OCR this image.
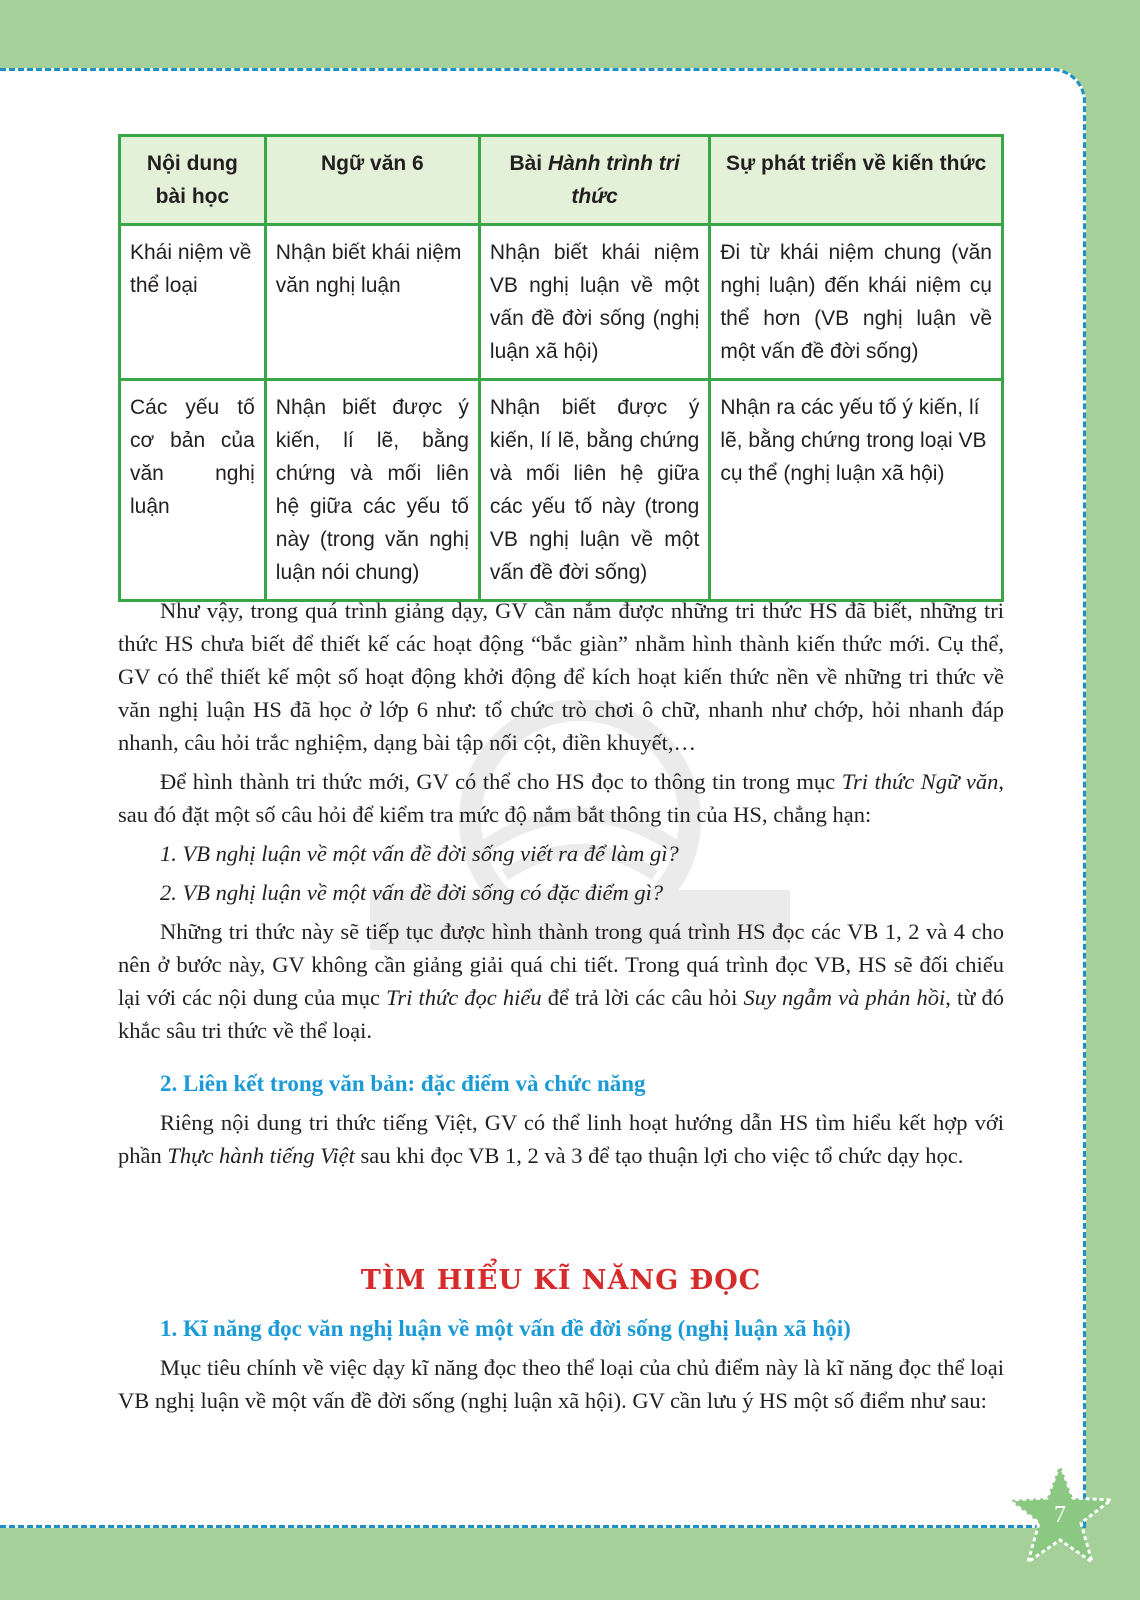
Nội dung bài học	Ngữ văn 6	Bài Hành trình tri thức	Sự phát triển về kiến thức
Khái niệm về thể loại	Nhận biết khái niệm văn nghị luận	Nhận biết khái niệm VB nghị luận về một vấn đề đời sống (nghị luận xã hội)	Đi từ khái niệm chung (văn nghị luận) đến khái niệm cụ thể hơn (VB nghị luận về một vấn đề đời sống)
Các yếu tố cơ bản của văn nghị luận	Nhận biết được ý kiến, lí lẽ, bằng chứng và mối liên hệ giữa các yếu tố này (trong văn nghị luận nói chung)	Nhận biết được ý kiến, lí lẽ, bằng chứng và mối liên hệ giữa các yếu tố này (trong VB nghị luận về một vấn đề đời sống)	Nhận ra các yếu tố ý kiến, lí lẽ, bằng chứng trong loại VB cụ thể (nghị luận xã hội)

Như vậy, trong quá trình giảng dạy, GV cần nắm được những tri thức HS đã biết, những tri thức HS chưa biết để thiết kế các hoạt động “bắc giàn” nhằm hình thành kiến thức mới. Cụ thể, GV có thể thiết kế một số hoạt động khởi động để kích hoạt kiến thức nền về những tri thức về văn nghị luận HS đã học ở lớp 6 như: tổ chức trò chơi ô chữ, nhanh như chớp, hỏi nhanh đáp nhanh, câu hỏi trắc nghiệm, dạng bài tập nối cột, điền khuyết,…

Để hình thành tri thức mới, GV có thể cho HS đọc to thông tin trong mục Tri thức Ngữ văn, sau đó đặt một số câu hỏi để kiểm tra mức độ nắm bắt thông tin của HS, chẳng hạn:

1. VB nghị luận về một vấn đề đời sống viết ra để làm gì?

2. VB nghị luận về một vấn đề đời sống có đặc điểm gì?

Những tri thức này sẽ tiếp tục được hình thành trong quá trình HS đọc các VB 1, 2 và 4 cho nên ở bước này, GV không cần giảng giải quá chi tiết. Trong quá trình đọc VB, HS sẽ đối chiếu lại với các nội dung của mục Tri thức đọc hiểu để trả lời các câu hỏi Suy ngẫm và phản hồi, từ đó khắc sâu tri thức về thể loại.

2. Liên kết trong văn bản: đặc điểm và chức năng

Riêng nội dung tri thức tiếng Việt, GV có thể linh hoạt hướng dẫn HS tìm hiểu kết hợp với phần Thực hành tiếng Việt sau khi đọc VB 1, 2 và 3 để tạo thuận lợi cho việc tổ chức dạy học.

TÌM HIỂU KĨ NĂNG ĐỌC
1. Kĩ năng đọc văn nghị luận về một vấn đề đời sống (nghị luận xã hội)

Mục tiêu chính về việc dạy kĩ năng đọc theo thể loại của chủ điểm này là kĩ năng đọc thể loại VB nghị luận về một vấn đề đời sống (nghị luận xã hội). GV cần lưu ý HS một số điểm như sau:

7
